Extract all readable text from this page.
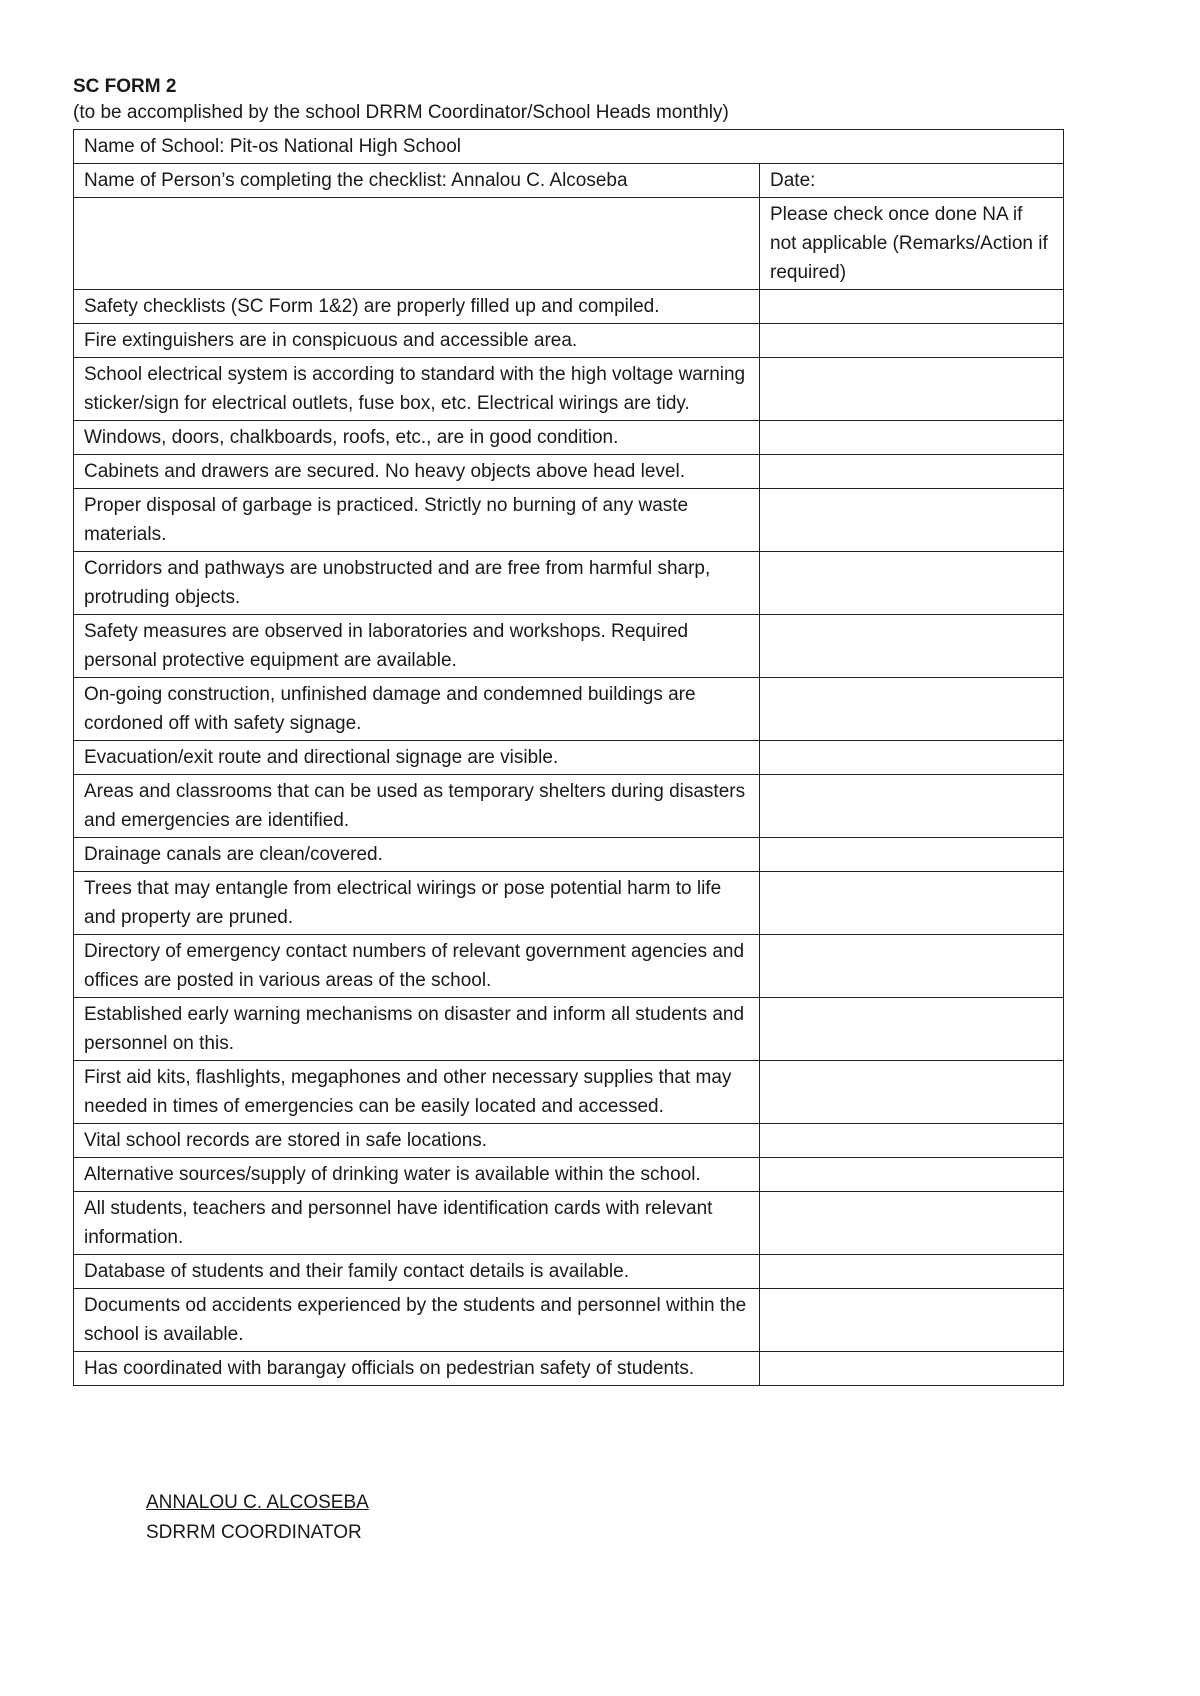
SC FORM 2

(to be accomplished by the school DRRM Coordinator/School Heads monthly)

Name of School: Pit-os National High School	
Name of Person’s completing the checklist: Annalou C. Alcoseba	Date:
	Please check once done NA if not applicable (Remarks/Action if required)
Safety checklists (SC Form 1&2) are properly filled up and compiled.	
Fire extinguishers are in conspicuous and accessible area.	
School electrical system is according to standard with the high voltage warning sticker/sign for electrical outlets, fuse box, etc. Electrical wirings are tidy.	
Windows, doors, chalkboards, roofs, etc., are in good condition.	
Cabinets and drawers are secured. No heavy objects above head level.	
Proper disposal of garbage is practiced. Strictly no burning of any waste materials.	
Corridors and pathways are unobstructed and are free from harmful sharp, protruding objects.	
Safety measures are observed in laboratories and workshops. Required personal protective equipment are available.	
On-going construction, unfinished damage and condemned buildings are cordoned off with safety signage.	
Evacuation/exit route and directional signage are visible.	
Areas and classrooms that can be used as temporary shelters during disasters and emergencies are identified.	
Drainage canals are clean/covered.	
Trees that may entangle from electrical wirings or pose potential harm to life and property are pruned.	
Directory of emergency contact numbers of relevant government agencies and offices are posted in various areas of the school.	
Established early warning mechanisms on disaster and inform all students and personnel on this.	
First aid kits, flashlights, megaphones and other necessary supplies that may needed in times of emergencies can be easily located and accessed.	
Vital school records are stored in safe locations.	
Alternative sources/supply of drinking water is available within the school.	
All students, teachers and personnel have identification cards with relevant information.	
Database of students and their family contact details is available.	
Documents od accidents experienced by the students and personnel within the school is available.	
Has coordinated with barangay officials on pedestrian safety of students.	
ANNALOU C. ALCOSEBA
SDRRM COORDINATOR
